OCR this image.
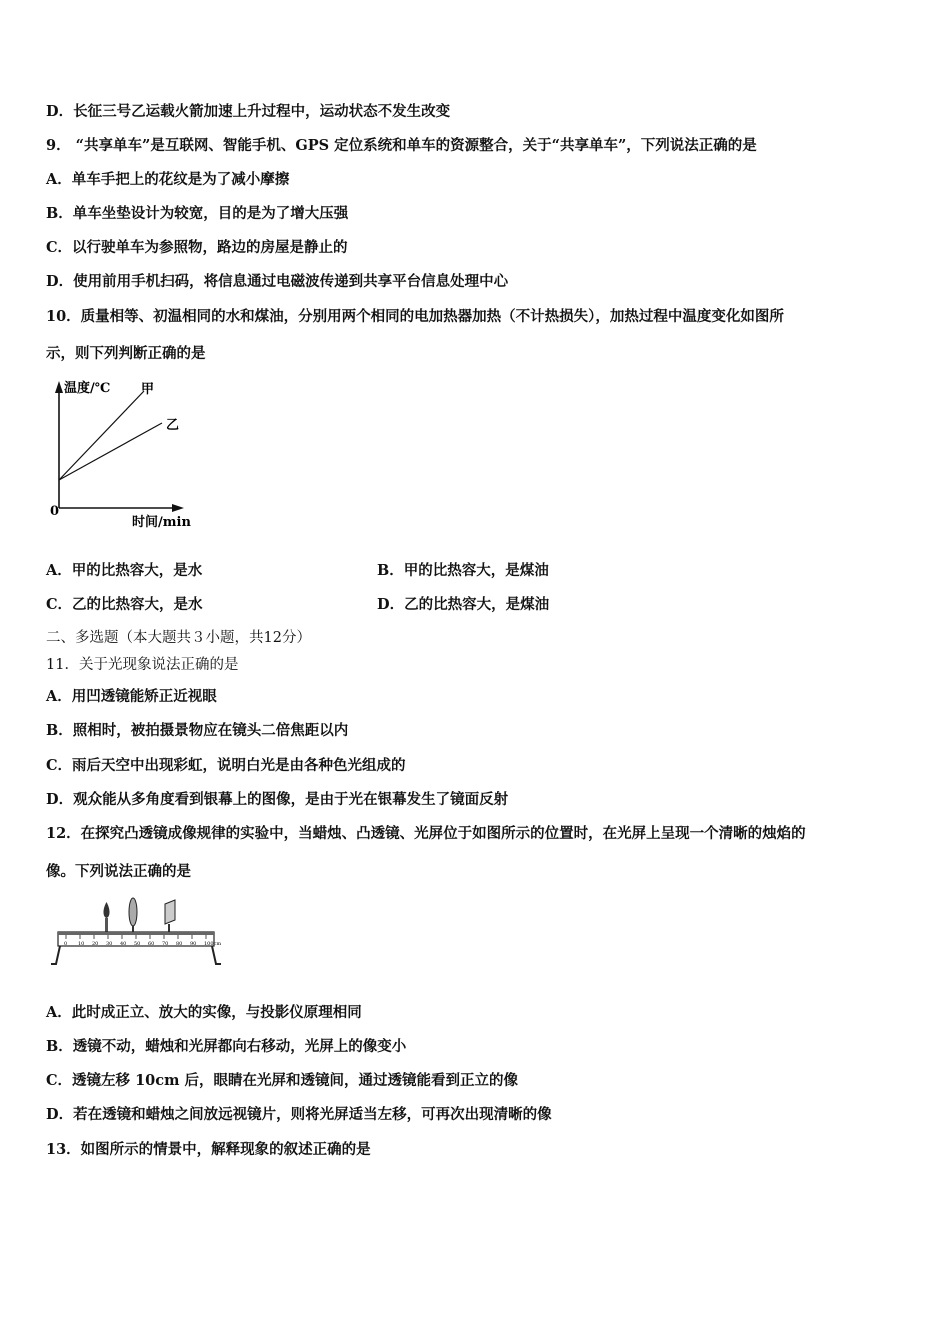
D．长征三号乙运载火箭加速上升过程中，运动状态不发生改变
9． “共享单车”是互联网、智能手机、GPS 定位系统和单车的资源整合，关于“共享单车”，下列说法正确的是
A．单车手把上的花纹是为了减小摩擦
B．单车坐垫设计为较宽，目的是为了增大压强
C．以行驶单车为参照物，路边的房屋是静止的
D．使用前用手机扫码，将信息通过电磁波传递到共享平台信息处理中心
10．质量相等、初温相同的水和煤油，分别用两个相同的电加热器加热（不计热损失），加热过程中温度变化如图所
示，则下列判断正确的是
温度/℃ 甲
乙
0
时间/min
A．甲的比热容大，是水	B．甲的比热容大，是煤油
C．乙的比热容大，是水	D．乙的比热容大，是煤油
二、多选题（本大题共３小题，共12分）
11．关于光现象说法正确的是
A．用凹透镜能矫正近视眼
B．照相时，被拍摄景物应在镜头二倍焦距以内
C．雨后天空中出现彩虹，说明白光是由各种色光组成的
D．观众能从多角度看到银幕上的图像，是由于光在银幕发生了镜面反射
12．在探究凸透镜成像规律的实验中，当蜡烛、凸透镜、光屏位于如图所示的位置时，在光屏上呈现一个清晰的烛焰的
像。下列说法正确的是
0 10 20 30 40 50 60 70 80 90 100cm
A．此时成正立、放大的实像，与投影仪原理相同
B．透镜不动，蜡烛和光屏都向右移动，光屏上的像变小
C．透镜左移 10cm 后，眼睛在光屏和透镜间，通过透镜能看到正立的像
D．若在透镜和蜡烛之间放远视镜片，则将光屏适当左移，可再次出现清晰的像
13．如图所示的情景中，解释现象的叙述正确的是
